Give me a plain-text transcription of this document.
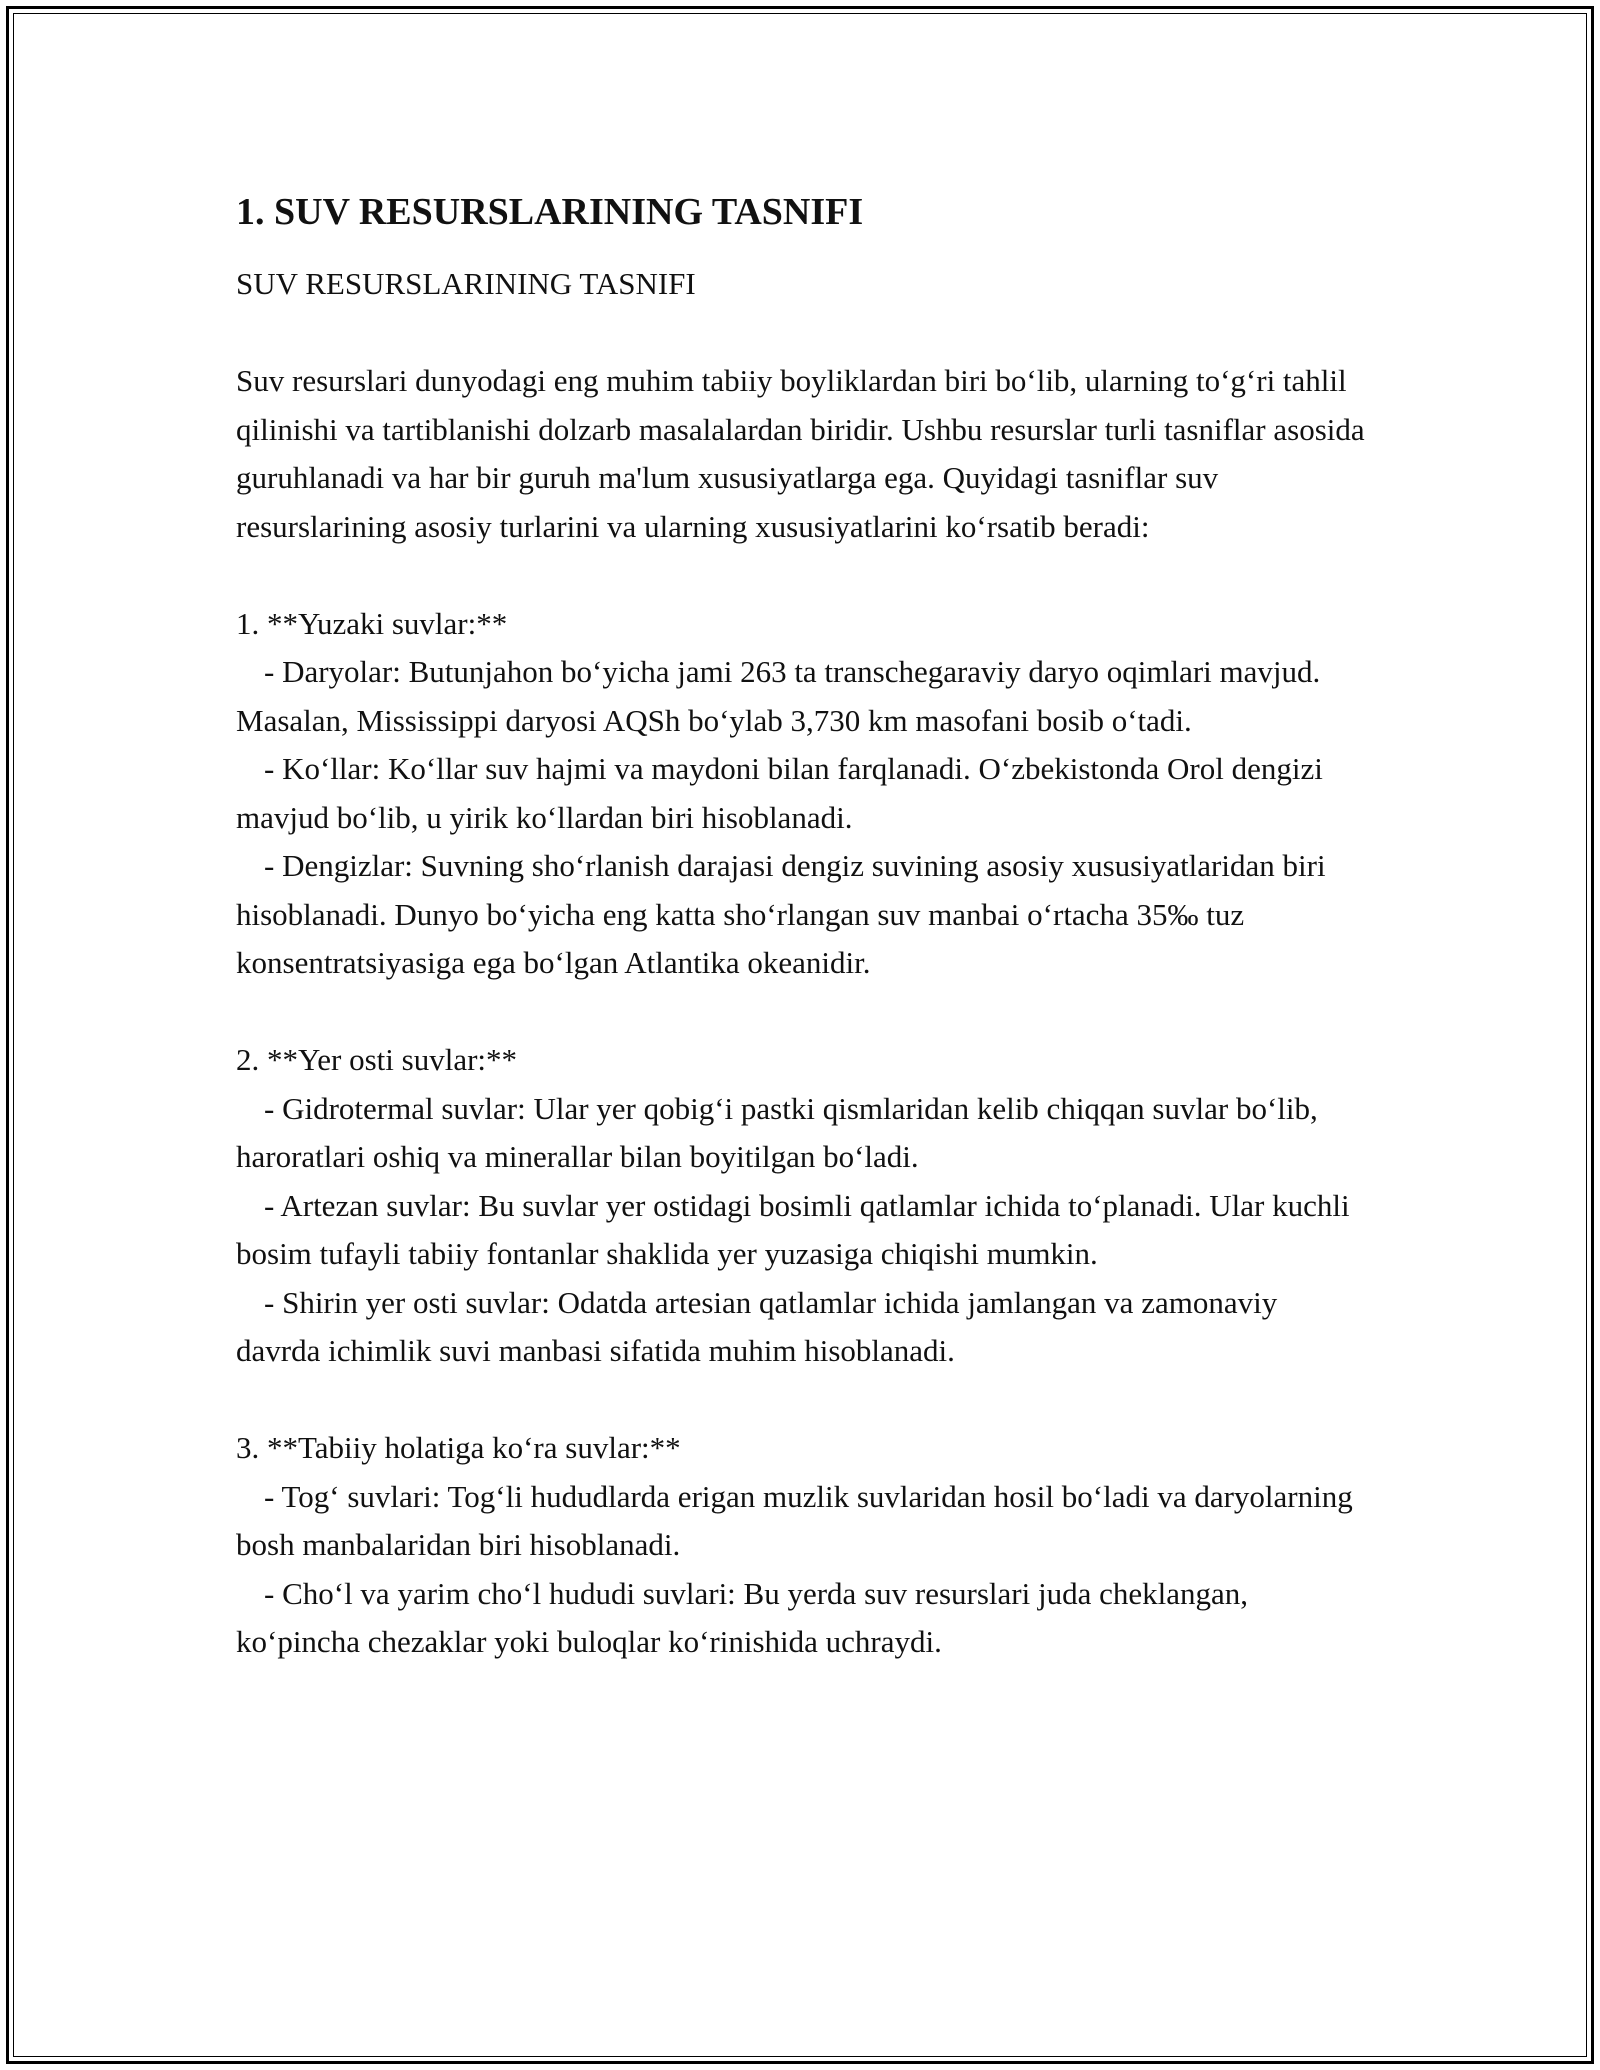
1. SUV RESURSLARINING TASNIFI

SUV RESURSLARINING TASNIFI

Suv resurslari dunyodagi eng muhim tabiiy boyliklardan biri bo‘lib, ularning to‘g‘ri tahlil qilinishi va tartiblanishi dolzarb masalalardan biridir. Ushbu resurslar turli tasniflar asosida guruhlanadi va har bir guruh ma'lum xususiyatlarga ega. Quyidagi tasniflar suv resurslarining asosiy turlarini va ularning xususiyatlarini ko‘rsatib beradi:

1. **Yuzaki suvlar:**

- Daryolar: Butunjahon bo‘yicha jami 263 ta transchegaraviy daryo oqimlari mavjud. Masalan, Mississippi daryosi AQSh bo‘ylab 3,730 km masofani bosib o‘tadi.

- Ko‘llar: Ko‘llar suv hajmi va maydoni bilan farqlanadi. O‘zbekistonda Orol dengizi mavjud bo‘lib, u yirik ko‘llardan biri hisoblanadi.

- Dengizlar: Suvning sho‘rlanish darajasi dengiz suvining asosiy xususiyatlaridan biri hisoblanadi. Dunyo bo‘yicha eng katta sho‘rlangan suv manbai o‘rtacha 35‰ tuz konsentratsiyasiga ega bo‘lgan Atlantika okeanidir.

2. **Yer osti suvlar:**

- Gidrotermal suvlar: Ular yer qobig‘i pastki qismlaridan kelib chiqqan suvlar bo‘lib, haroratlari oshiq va minerallar bilan boyitilgan bo‘ladi.

- Artezan suvlar: Bu suvlar yer ostidagi bosimli qatlamlar ichida to‘planadi. Ular kuchli bosim tufayli tabiiy fontanlar shaklida yer yuzasiga chiqishi mumkin.

- Shirin yer osti suvlar: Odatda artesian qatlamlar ichida jamlangan va zamonaviy davrda ichimlik suvi manbasi sifatida muhim hisoblanadi.

3. **Tabiiy holatiga ko‘ra suvlar:**

- Tog‘ suvlari: Tog‘li hududlarda erigan muzlik suvlaridan hosil bo‘ladi va daryolarning bosh manbalaridan biri hisoblanadi.

- Cho‘l va yarim cho‘l hududi suvlari: Bu yerda suv resurslari juda cheklangan, ko‘pincha chezaklar yoki buloqlar ko‘rinishida uchraydi.
